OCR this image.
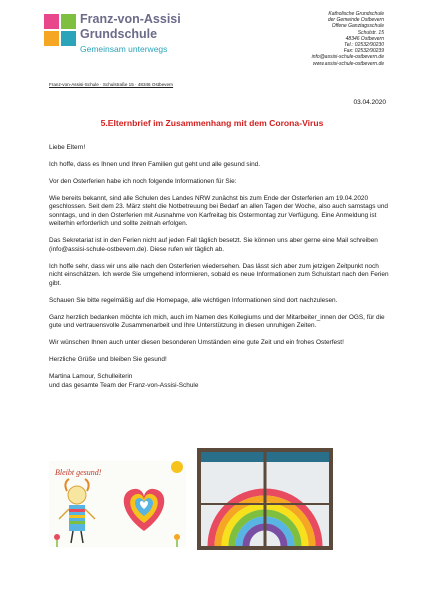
Franz-von-Assisi
Grundschule
Gemeinsam unterwegs
Katholische Grundschule
der Gemeinde Ostbevern
Offene Ganztagsschule
Schulstr. 15
48346 Ostbevern
Tel.: 02532/90230
Fax: 02532/90239
info@assisi-schule-ostbevern.de
www.assisi-schule-ostbevern.de
Franz-von-Assisi-Schule · Schulstraße 15 · 48346 Ostbevern
03.04.2020
5.Elternbrief im Zusammenhang mit dem Corona-Virus

Liebe Eltern!

Ich hoffe, dass es Ihnen und Ihren Familien gut geht und alle gesund sind.

Vor den Osterferien habe ich noch folgende Informationen für Sie:

Wie bereits bekannt, sind alle Schulen des Landes NRW zunächst bis zum Ende der Osterferien am 19.04.2020 geschlossen. Seit dem 23. März steht die Notbetreuung bei Bedarf an allen Tagen der Woche, also auch samstags und sonntags, und in den Osterferien mit Ausnahme von Karfreitag bis Ostermontag zur Verfügung. Eine Anmeldung ist weiterhin erforderlich und sollte zeitnah erfolgen.

Das Sekretariat ist in den Ferien nicht auf jeden Fall täglich besetzt. Sie können uns aber gerne eine Mail schreiben (info@assisi-schule-ostbevern.de). Diese rufen wir täglich ab.

Ich hoffe sehr, dass wir uns alle nach den Osterferien wiedersehen. Das lässt sich aber zum jetzigen Zeitpunkt noch nicht einschätzen. Ich werde Sie umgehend informieren, sobald es neue Informationen zum Schulstart nach den Ferien gibt.

Schauen Sie bitte regelmäßig auf die Homepage, alle wichtigen Informationen sind dort nachzulesen.

Ganz herzlich bedanken möchte ich mich, auch im Namen des Kollegiums und der Mitarbeiter_innen der OGS, für die gute und vertrauensvolle Zusammenarbeit und Ihre Unterstützung in diesen unruhigen Zeiten.

Wir wünschen Ihnen auch unter diesen besonderen Umständen eine gute Zeit und ein frohes Osterfest!

Herzliche Grüße und bleiben Sie gesund!

Martina Lamour, Schulleiterin

und das gesamte Team der Franz-von-Assisi-Schule

Bleibt gesund!
